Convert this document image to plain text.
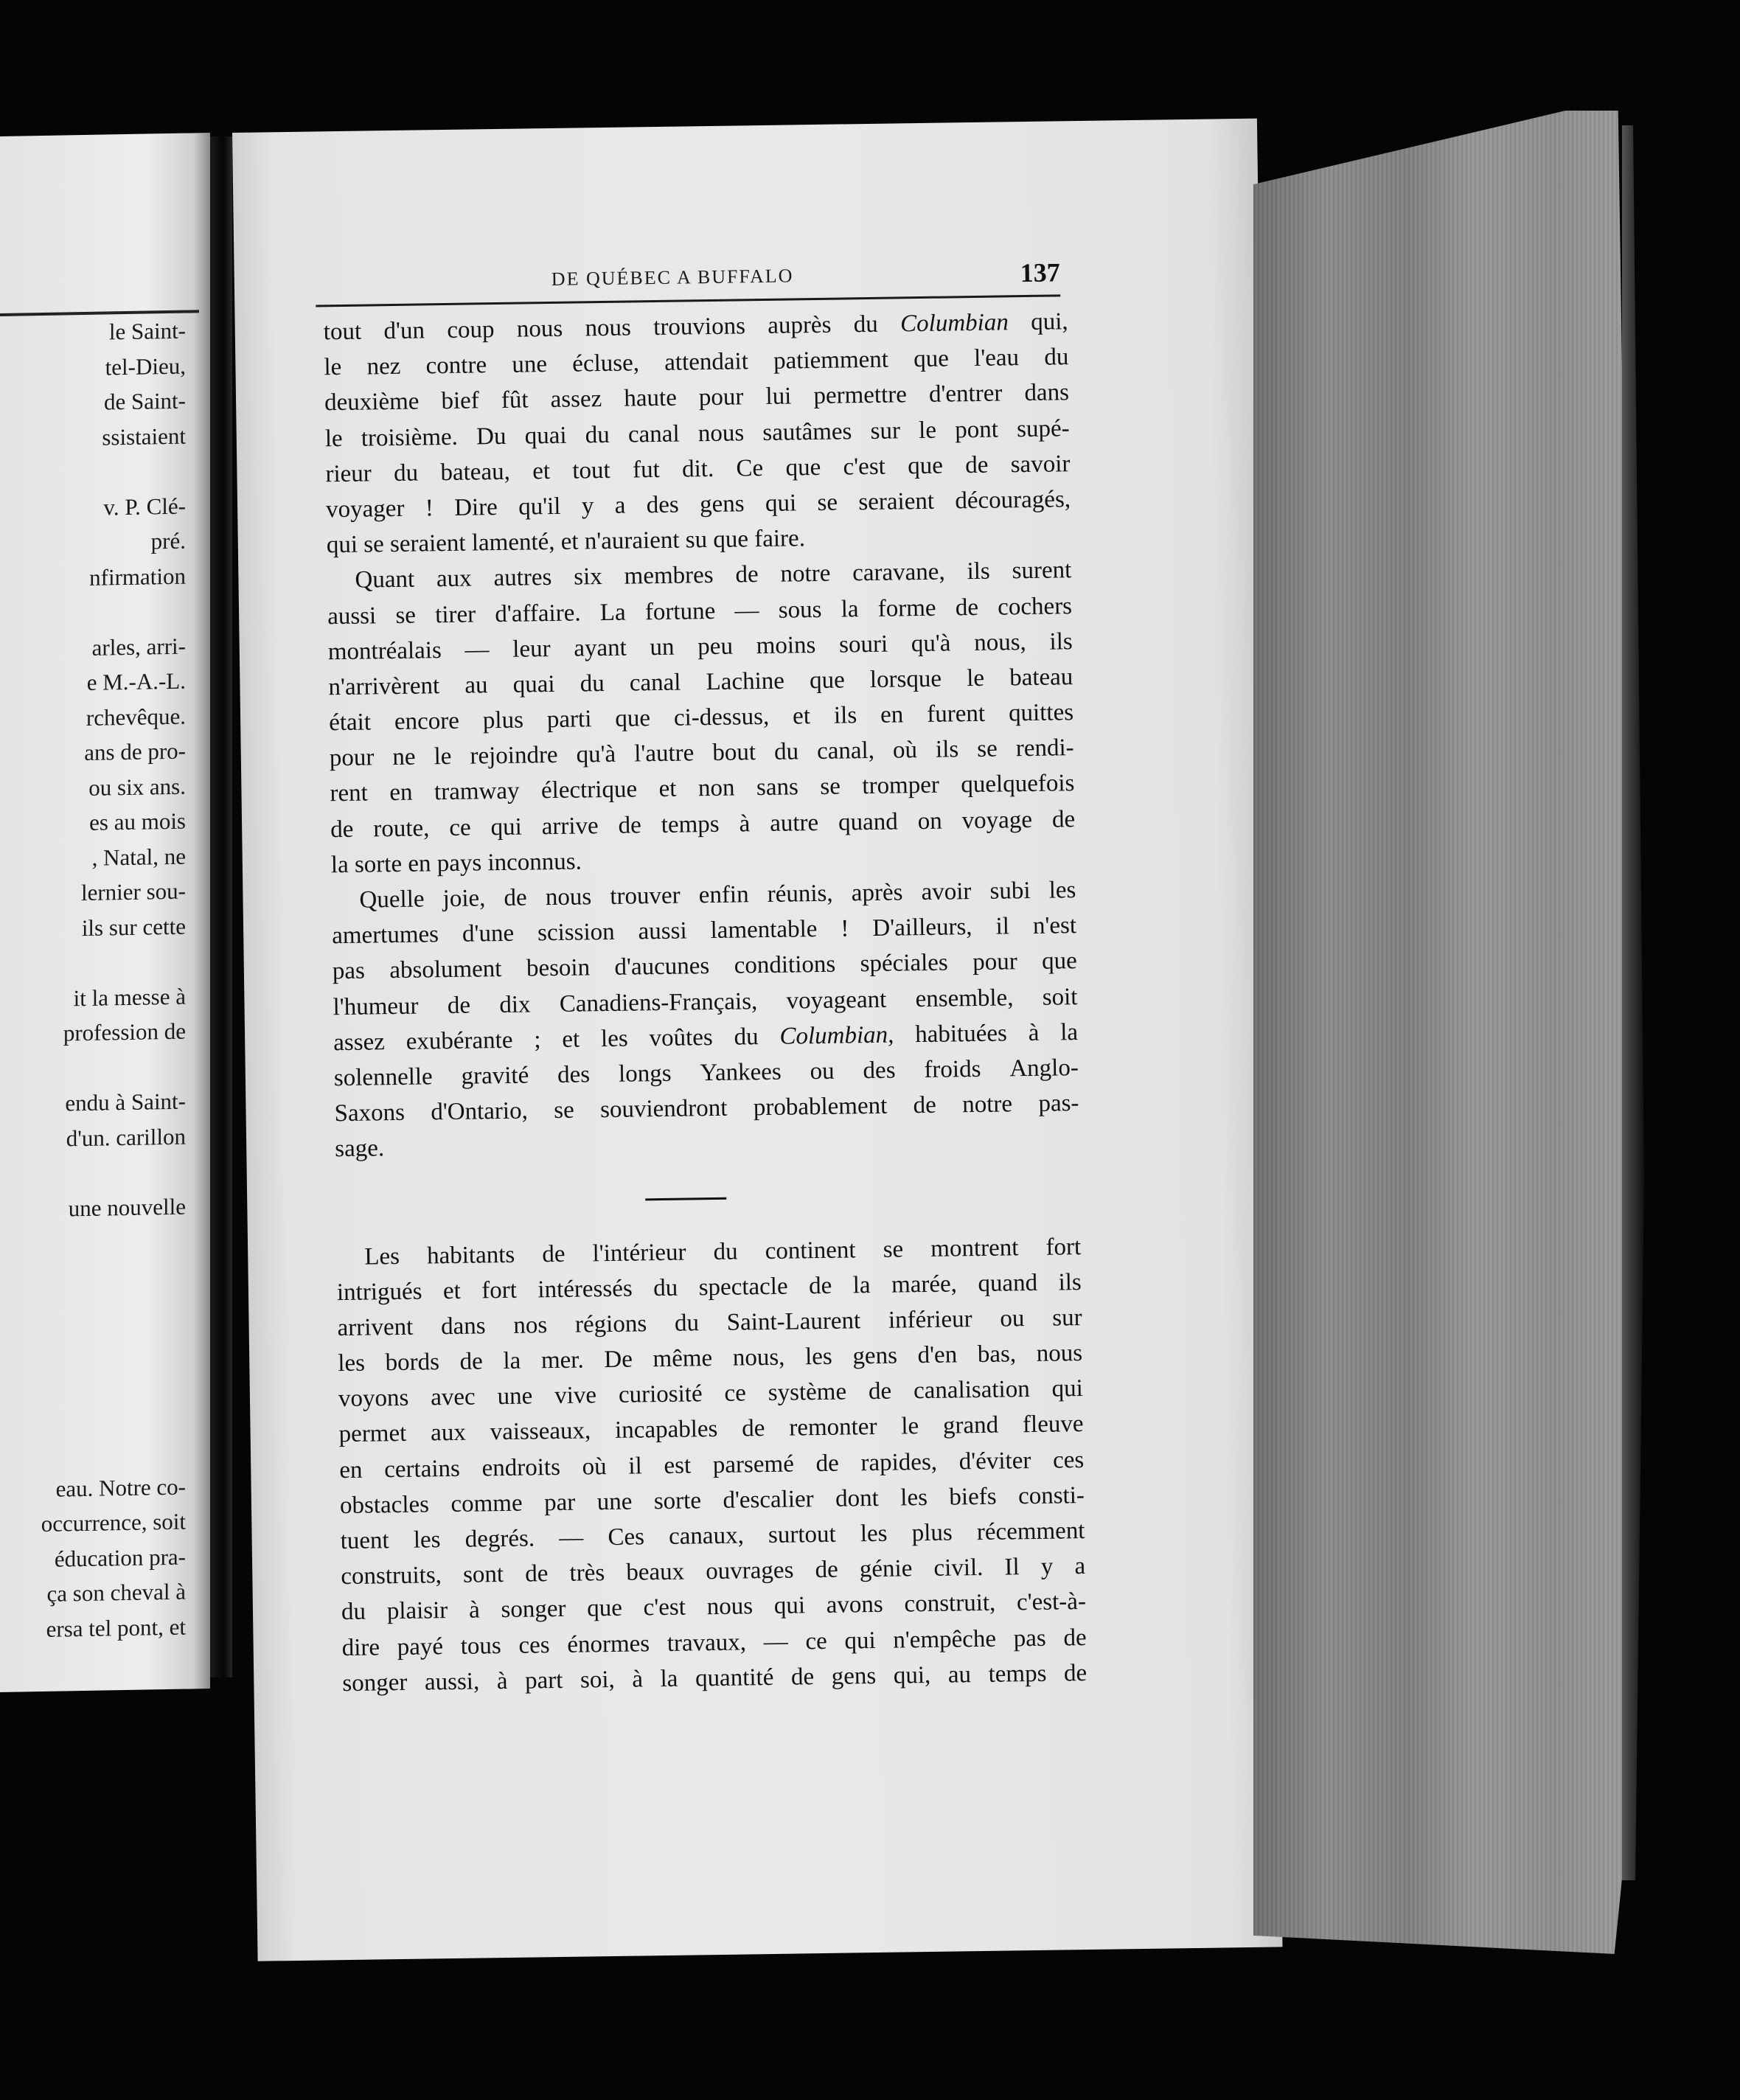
le Saint-
tel-Dieu,
de Saint-
ssistaient
v. P. Clé-
pré.
nfirmation
arles, arri-
e M.-A.-L.
rchevêque.
ans de pro-
ou six ans.
es au mois
, Natal, ne
lernier sou-
ils sur cette
it la messe à
profession de
endu à Saint-
d'un. carillon
une nouvelle
eau. Notre co-
occurrence, soit
éducation pra-
ça son cheval à
ersa tel pont, et
DE QUÉBEC A BUFFALO	137
tout d'un coup nous nous trouvions auprès du Columbian qui,
le nez contre une écluse, attendait patiemment que l'eau du
deuxième bief fût assez haute pour lui permettre d'entrer dans
le troisième. Du quai du canal nous sautâmes sur le pont supé-
rieur du bateau, et tout fut dit. Ce que c'est que de savoir
voyager ! Dire qu'il y a des gens qui se seraient découragés,
qui se seraient lamenté, et n'auraient su que faire.
Quant aux autres six membres de notre caravane, ils surent
aussi se tirer d'affaire. La fortune — sous la forme de cochers
montréalais — leur ayant un peu moins souri qu'à nous, ils
n'arrivèrent au quai du canal Lachine que lorsque le bateau
était encore plus parti que ci-dessus, et ils en furent quittes
pour ne le rejoindre qu'à l'autre bout du canal, où ils se rendi-
rent en tramway électrique et non sans se tromper quelquefois
de route, ce qui arrive de temps à autre quand on voyage de
la sorte en pays inconnus.
Quelle joie, de nous trouver enfin réunis, après avoir subi les
amertumes d'une scission aussi lamentable ! D'ailleurs, il n'est
pas absolument besoin d'aucunes conditions spéciales pour que
l'humeur de dix Canadiens-Français, voyageant ensemble, soit
assez exubérante ; et les voûtes du Columbian, habituées à la
solennelle gravité des longs Yankees ou des froids Anglo-
Saxons d'Ontario, se souviendront probablement de notre pas-
sage.
Les habitants de l'intérieur du continent se montrent fort
intrigués et fort intéressés du spectacle de la marée, quand ils
arrivent dans nos régions du Saint-Laurent inférieur ou sur
les bords de la mer. De même nous, les gens d'en bas, nous
voyons avec une vive curiosité ce système de canalisation qui
permet aux vaisseaux, incapables de remonter le grand fleuve
en certains endroits où il est parsemé de rapides, d'éviter ces
obstacles comme par une sorte d'escalier dont les biefs consti-
tuent les degrés. — Ces canaux, surtout les plus récemment
construits, sont de très beaux ouvrages de génie civil. Il y a
du plaisir à songer que c'est nous qui avons construit, c'est-à-
dire payé tous ces énormes travaux, — ce qui n'empêche pas de
songer aussi, à part soi, à la quantité de gens qui, au temps de
